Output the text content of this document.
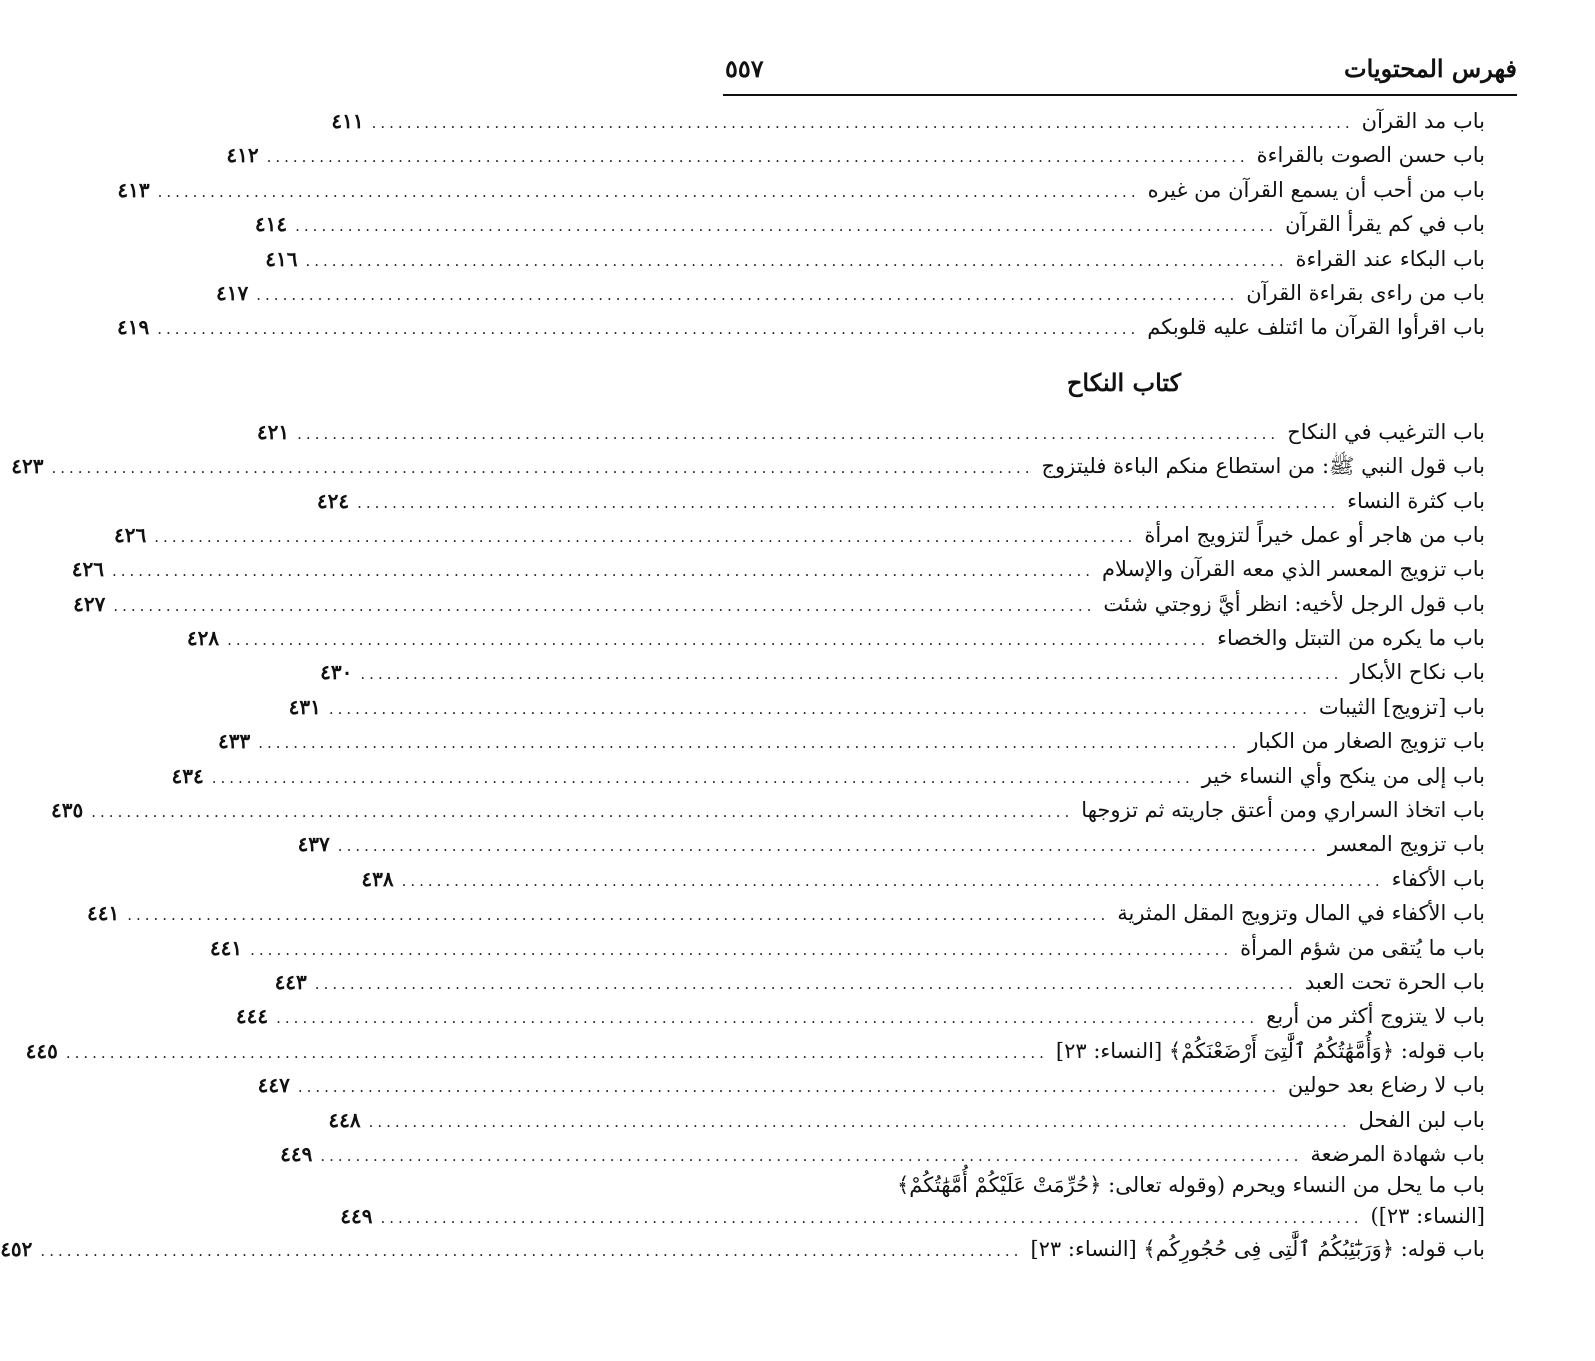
فهرس المحتويات
٥٥٧
باب مد القرآن
................................................................................................................
٤١١
باب حسن الصوت بالقراءة
................................................................................................................
٤١٢
باب من أحب أن يسمع القرآن من غيره
................................................................................................................
٤١٣
باب في كم يقرأ القرآن
................................................................................................................
٤١٤
باب البكاء عند القراءة
................................................................................................................
٤١٦
باب من راءى بقراءة القرآن
................................................................................................................
٤١٧
باب اقرأوا القرآن ما ائتلف عليه قلوبكم
................................................................................................................
٤١٩
كتاب النكاح
باب الترغيب في النكاح
................................................................................................................
٤٢١
باب قول النبي ﷺ: من استطاع منكم الباءة فليتزوج
................................................................................................................
٤٢٣
باب كثرة النساء
................................................................................................................
٤٢٤
باب من هاجر أو عمل خيراً لتزويج امرأة
................................................................................................................
٤٢٦
باب تزويج المعسر الذي معه القرآن والإسلام
................................................................................................................
٤٢٦
باب قول الرجل لأخيه: انظر أيَّ زوجتي شئت
................................................................................................................
٤٢٧
باب ما يكره من التبتل والخصاء
................................................................................................................
٤٢٨
باب نكاح الأبكار
................................................................................................................
٤٣٠
باب [تزويج] الثيبات
................................................................................................................
٤٣١
باب تزويج الصغار من الكبار
................................................................................................................
٤٣٣
باب إلى من ينكح وأي النساء خير
................................................................................................................
٤٣٤
باب اتخاذ السراري ومن أعتق جاريته ثم تزوجها
................................................................................................................
٤٣٥
باب تزويج المعسر
................................................................................................................
٤٣٧
باب الأكفاء
................................................................................................................
٤٣٨
باب الأكفاء في المال وتزويج المقل المثرية
................................................................................................................
٤٤١
باب ما يُتقى من شؤم المرأة
................................................................................................................
٤٤١
باب الحرة تحت العبد
................................................................................................................
٤٤٣
باب لا يتزوج أكثر من أربع
................................................................................................................
٤٤٤
باب قوله: ﴿وَأُمَّهَٰتُكُمُ ٱلَّٰتِىٓ أَرْضَعْنَكُمْ﴾ [النساء: ٢٣]
................................................................................................................
٤٤٥
باب لا رضاع بعد حولين
................................................................................................................
٤٤٧
باب لبن الفحل
................................................................................................................
٤٤٨
باب شهادة المرضعة
................................................................................................................
٤٤٩
باب ما يحل من النساء ويحرم (وقوله تعالى: ﴿حُرِّمَتْ عَلَيْكُمْ أُمَّهَٰتُكُمْ﴾
[النساء: ٢٣])
................................................................................................................
٤٤٩
باب قوله: ﴿وَرَبَٰٓئِبُكُمُ ٱلَّٰتِى فِى حُجُورِكُم﴾ [النساء: ٢٣]
................................................................................................................
٤٥٢
